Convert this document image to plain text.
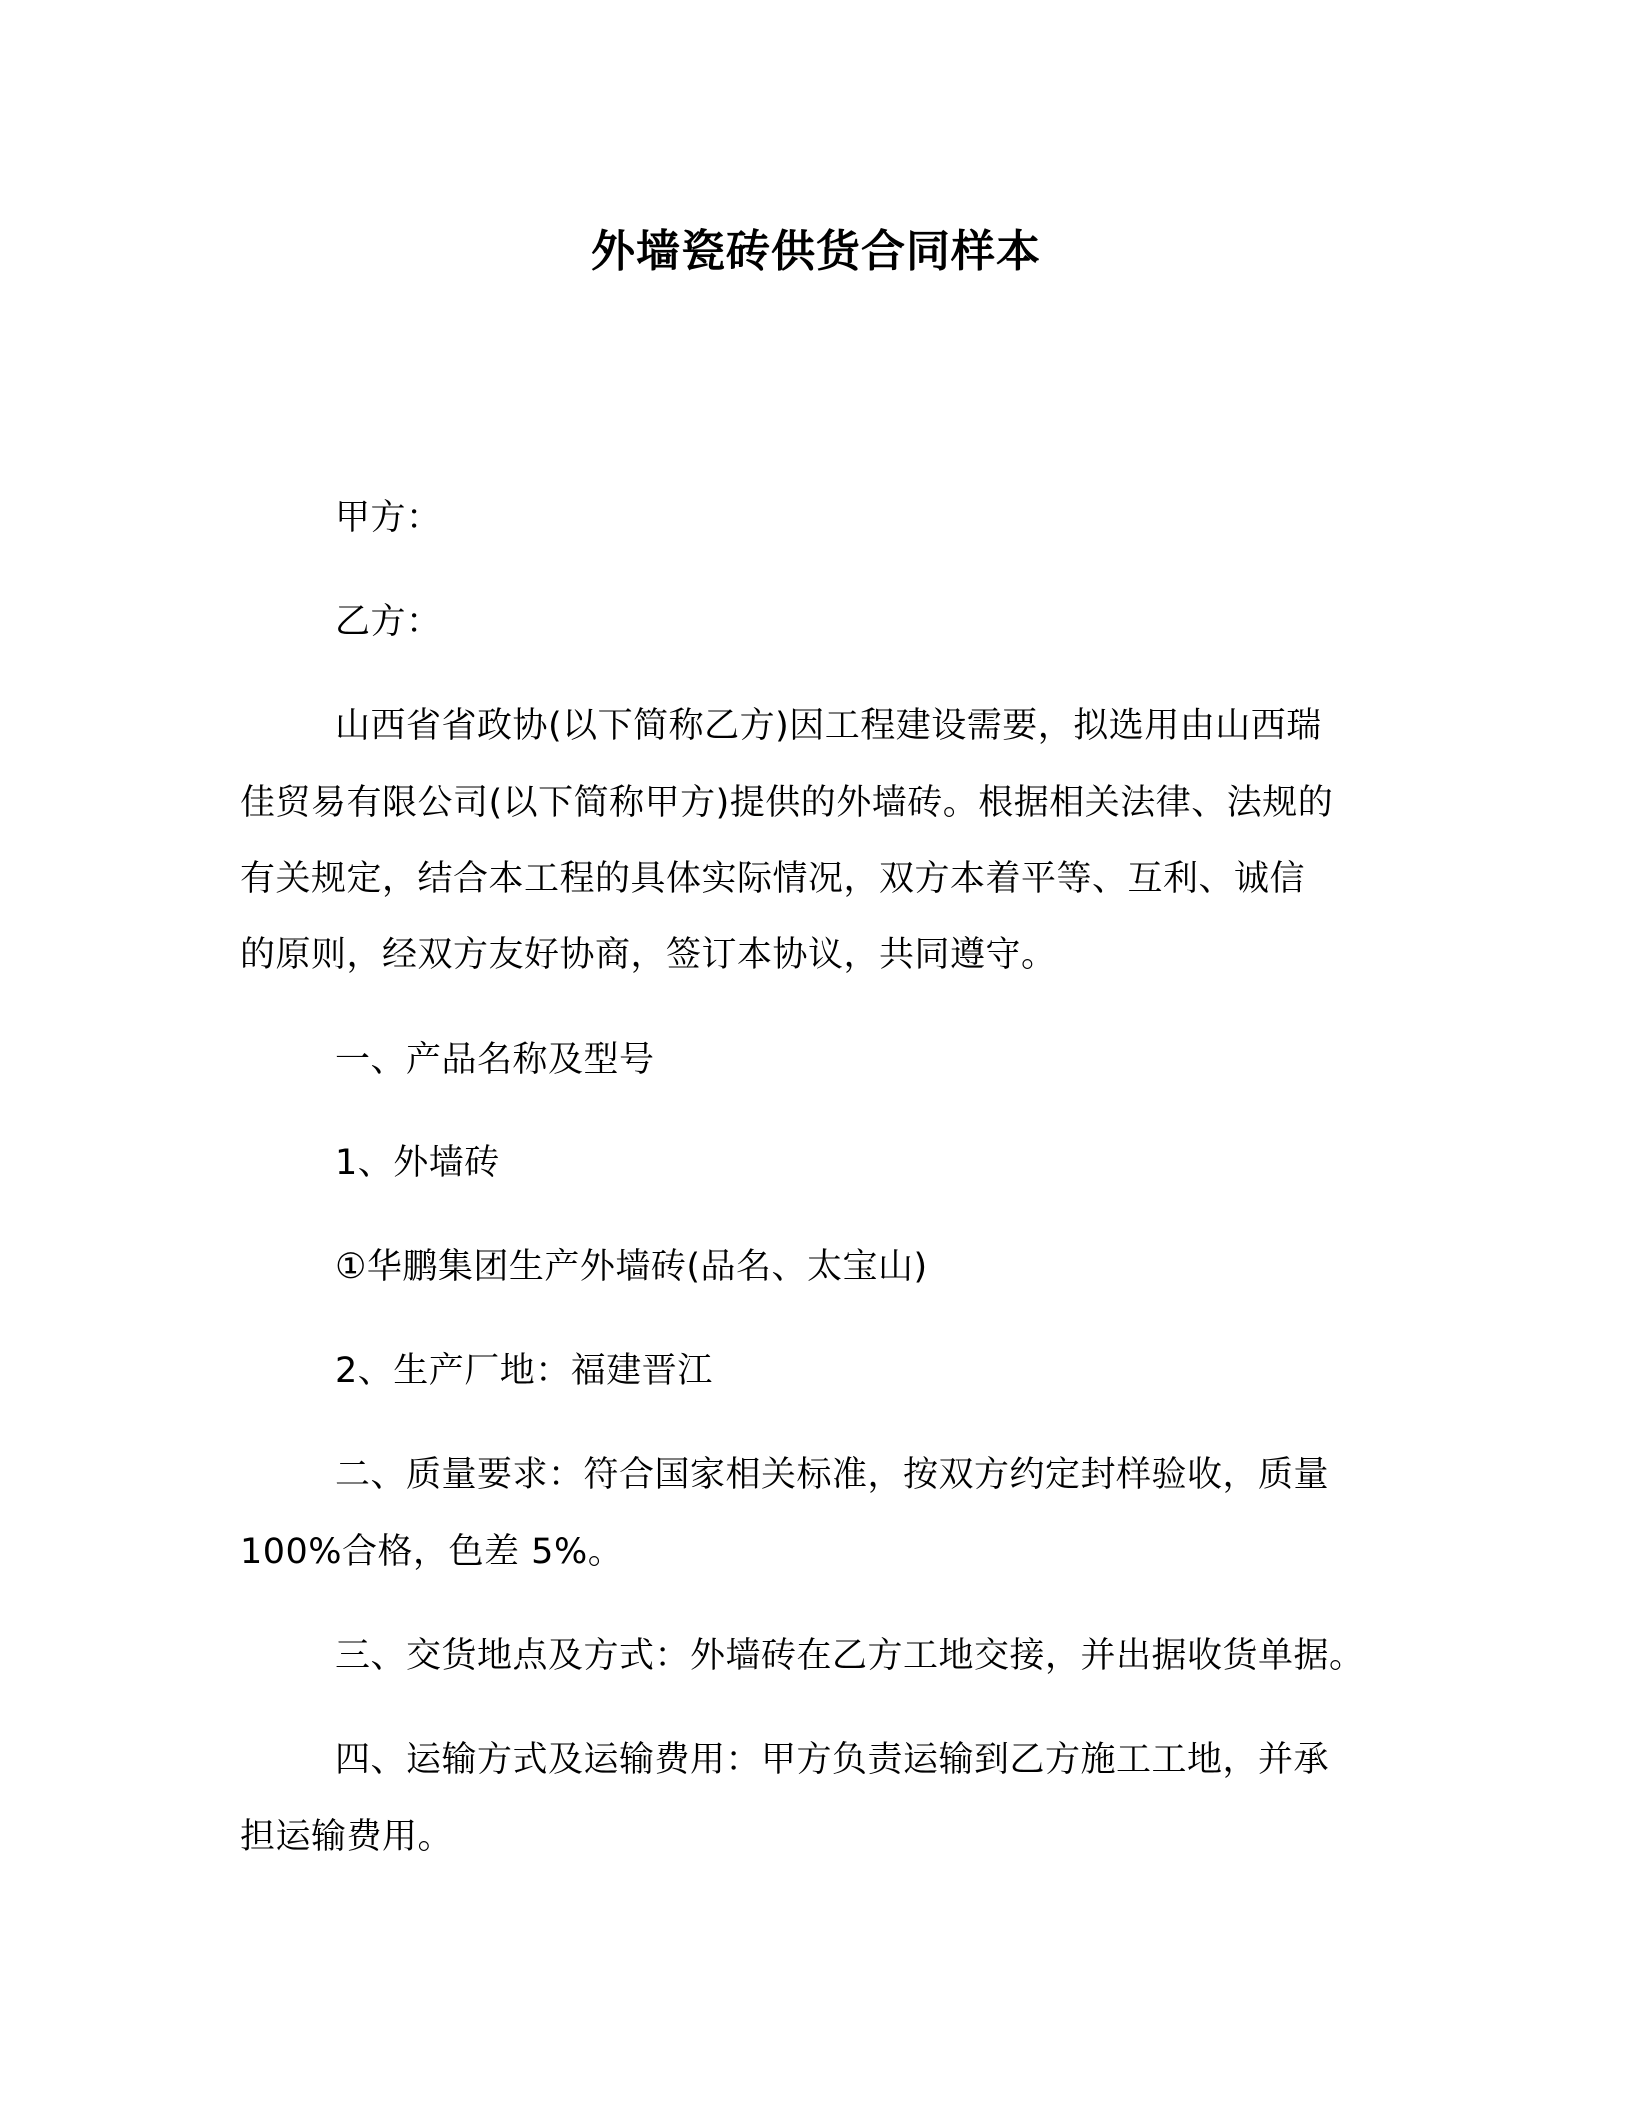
外墙瓷砖供货合同样本
甲方：
乙方：
山西省省政协(以下简称乙方)因工程建设需要，拟选用由山西瑞
佳贸易有限公司(以下简称甲方)提供的外墙砖。根据相关法律、法规的
有关规定，结合本工程的具体实际情况，双方本着平等、互利、诚信
的原则，经双方友好协商，签订本协议，共同遵守。
一、产品名称及型号
1、外墙砖
①华鹏集团生产外墙砖(品名、太宝山)
2、生产厂地：福建晋江
二、质量要求：符合国家相关标准，按双方约定封样验收，质量
100%合格，色差 5%。
三、交货地点及方式：外墙砖在乙方工地交接，并出据收货单据。
四、运输方式及运输费用：甲方负责运输到乙方施工工地，并承
担运输费用。
